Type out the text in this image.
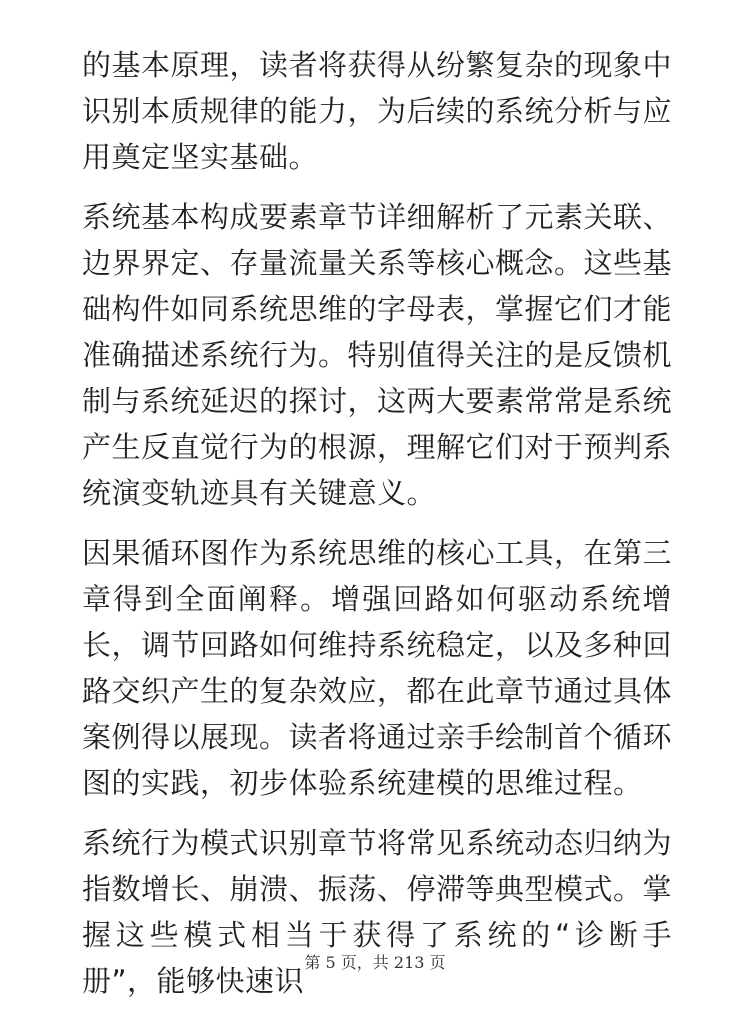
的基本原理，读者将获得从纷繁复杂的现象中识别本质规律的能力，为后续的系统分析与应用奠定坚实基础。

系统基本构成要素章节详细解析了元素关联、边界界定、存量流量关系等核心概念。这些基础构件如同系统思维的字母表，掌握它们才能准确描述系统行为。特别值得关注的是反馈机制与系统延迟的探讨，这两大要素常常是系统产生反直觉行为的根源，理解它们对于预判系统演变轨迹具有关键意义。

因果循环图作为系统思维的核心工具，在第三章得到全面阐释。增强回路如何驱动系统增长，调节回路如何维持系统稳定，以及多种回路交织产生的复杂效应，都在此章节通过具体案例得以展现。读者将通过亲手绘制首个循环图的实践，初步体验系统建模的思维过程。

系统行为模式识别章节将常见系统动态归纳为指数增长、崩溃、振荡、停滞等典型模式。掌握这些模式相当于获得了系统的“诊断手册”，能够快速识

第 5 页，共 213 页
